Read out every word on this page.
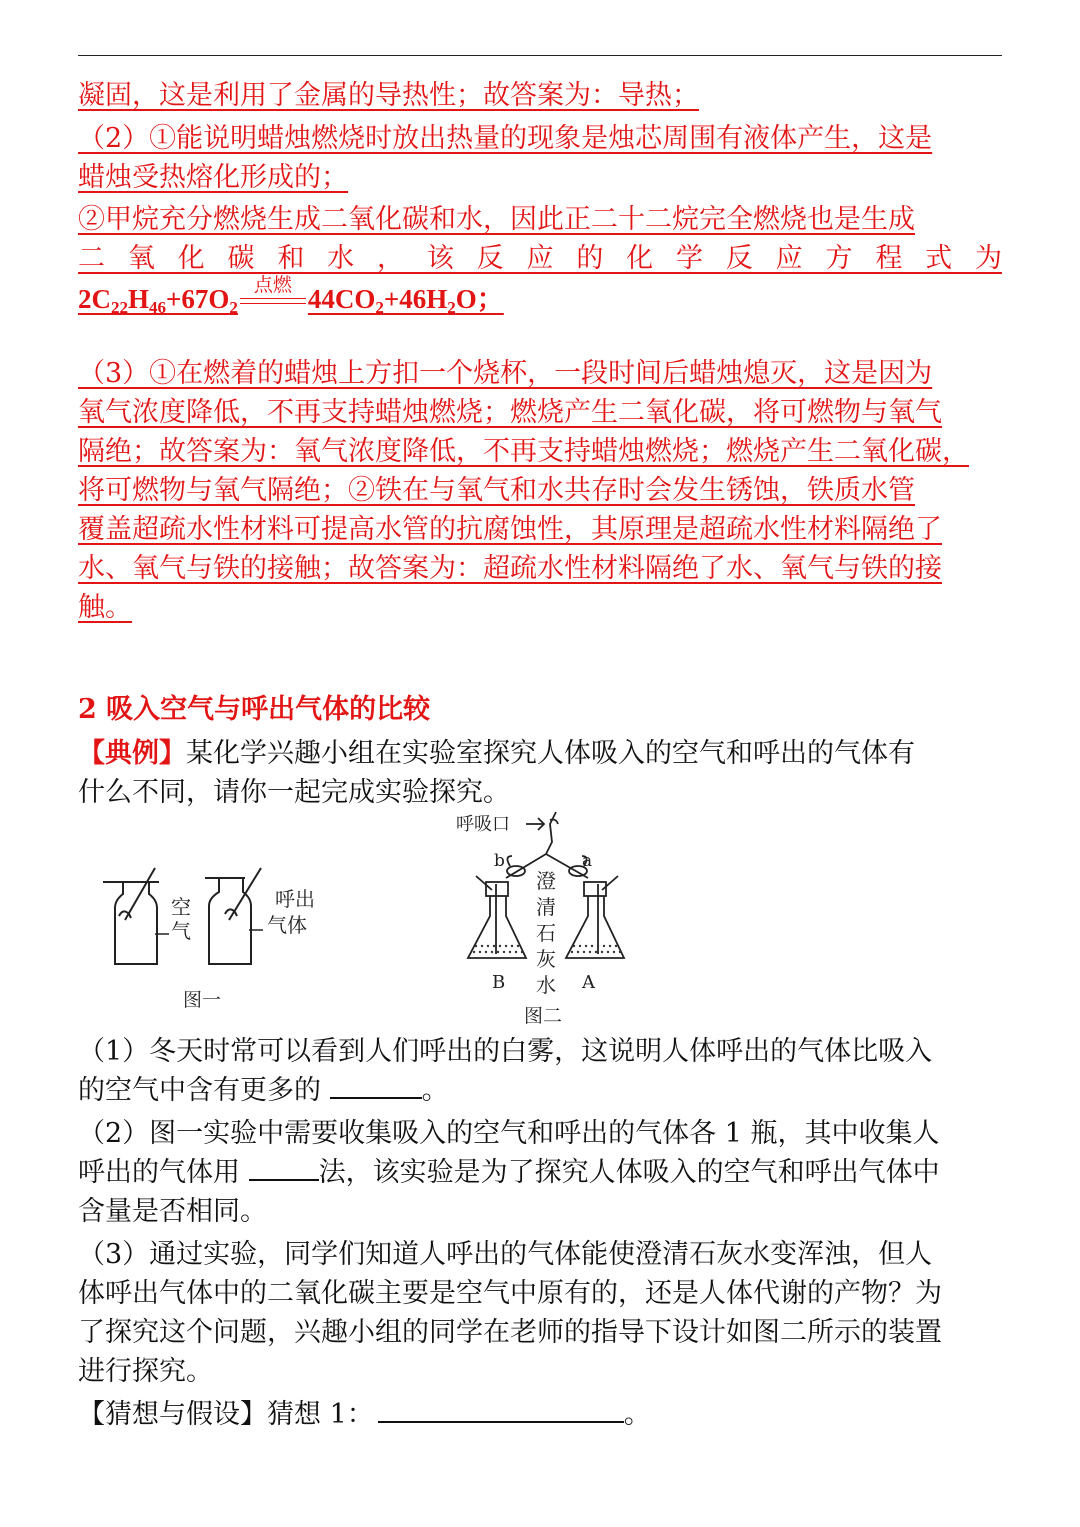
凝固，这是利用了金属的导热性；故答案为：导热；
（2）①能说明蜡烛燃烧时放出热量的现象是烛芯周围有液体产生，这是
蜡烛受热熔化形成的；
②甲烷充分燃烧生成二氧化碳和水，因此正二十二烷完全燃烧也是生成
二氧化碳和水，该反应的化学反应方程式为
$2C_{22}H_{46}+67O_2$
点燃 $44CO_2+46H_2O$；
（3）①在燃着的蜡烛上方扣一个烧杯，一段时间后蜡烛熄灭，这是因为
氧气浓度降低，不再支持蜡烛燃烧；燃烧产生二氧化碳，将可燃物与氧气
隔绝；故答案为：氧气浓度降低，不再支持蜡烛燃烧；燃烧产生二氧化碳，
将可燃物与氧气隔绝；②铁在与氧气和水共存时会发生锈蚀，铁质水管
覆盖超疏水性材料可提高水管的抗腐蚀性，其原理是超疏水性材料隔绝了
水、氧气与铁的接触；故答案为：超疏水性材料隔绝了水、氧气与铁的接
触。
2 吸入空气与呼出气体的比较
【典例】某化学兴趣小组在实验室探究人体吸入的空气和呼出的气体有
什么不同，请你一起完成实验探究。
空
气
呼出
气体
图一
呼吸口
b	a
澄
清
石
灰
水
B	A
图二
（1）冬天时常可以看到人们呼出的白雾，这说明人体呼出的气体比吸入
的空气中含有更多的	。
（2）图一实验中需要收集吸入的空气和呼出的气体各 1 瓶，其中收集人
呼出的气体用	法，该实验是为了探究人体吸入的空气和呼出气体中
含量是否相同。
（3）通过实验，同学们知道人呼出的气体能使澄清石灰水变浑浊，但人
体呼出气体中的二氧化碳主要是空气中原有的，还是人体代谢的产物？为
了探究这个问题，兴趣小组的同学在老师的指导下设计如图二所示的装置
进行探究。
【猜想与假设】猜想 1：	。
